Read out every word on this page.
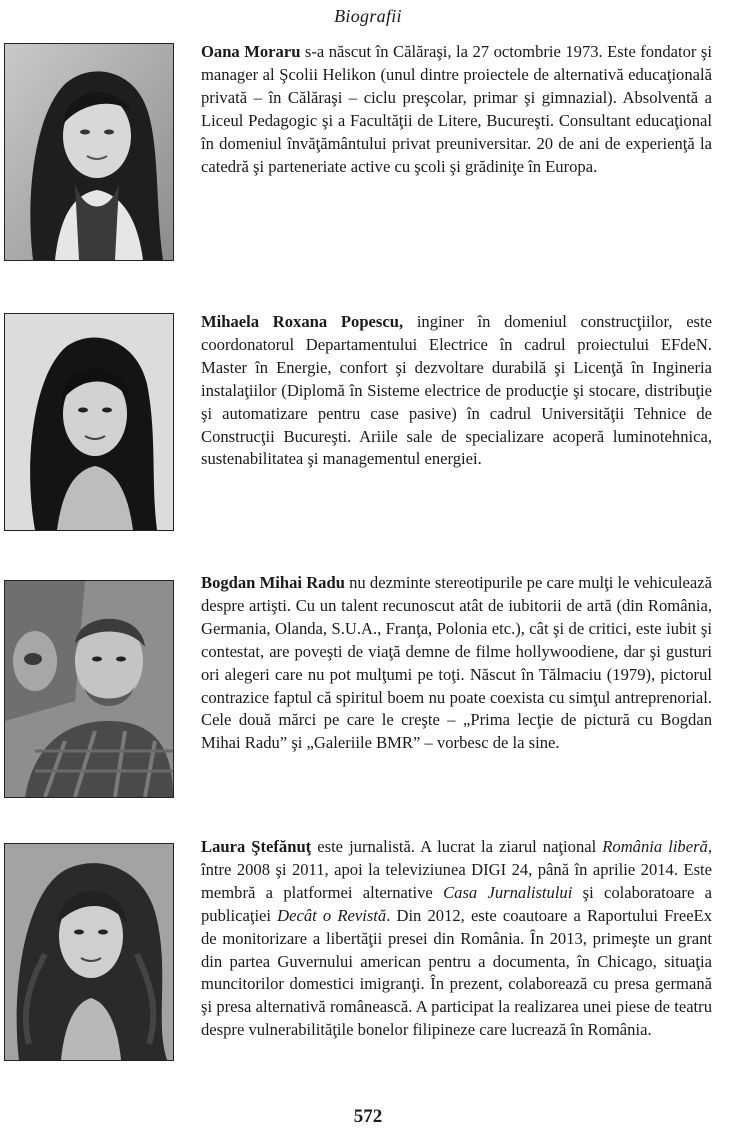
Biografii

Oana Moraru s-a născut în Călăraşi, la 27 octombrie 1973. Este fondator şi manager al Şcolii Helikon (unul dintre proiectele de alternativă educaţională privată – în Călăraşi – ciclu preşcolar, primar şi gimnazial). Absolventă a Liceul Pedagogic şi a Facultăţii de Litere, Bucureşti. Consultant educaţional în domeniul învăţământului privat preuniversitar. 20 de ani de experienţă la catedră şi parteneriate active cu şcoli şi grădiniţe în Europa.

Mihaela Roxana Popescu, inginer în domeniul construcţiilor, este coordonatorul Departamentului Electrice în cadrul proiectului EFdeN. Master în Energie, confort şi dezvoltare durabilă şi Licenţă în Ingineria instalaţiilor (Diplomă în Sisteme electrice de producţie şi stocare, distribuţie şi automatizare pentru case pasive) în cadrul Universităţii Tehnice de Construcţii Bucureşti. Ariile sale de specializare acoperă luminotehnica, sustenabilitatea şi managementul energiei.

Bogdan Mihai Radu nu dezminte stereotipurile pe care mulţi le vehiculează despre artişti. Cu un talent recunoscut atât de iubitorii de artă (din România, Germania, Olanda, S.U.A., Franţa, Polonia etc.), cât şi de critici, este iubit şi contestat, are poveşti de viaţă demne de filme hollywoodiene, dar şi gusturi ori alegeri care nu pot mulţumi pe toţi. Născut în Tălmaciu (1979), pictorul contrazice faptul că spiritul boem nu poate coexista cu simţul antreprenorial. Cele două mărci pe care le creşte – „Prima lecţie de pictură cu Bogdan Mihai Radu” şi „Galeriile BMR” – vorbesc de la sine.

Laura Ştefănuţ este jurnalistă. A lucrat la ziarul naţional România liberă, între 2008 şi 2011, apoi la televiziunea DIGI 24, până în aprilie 2014. Este membră a platformei alternative Casa Jurnalistului şi colaboratoare a publicaţiei Decât o Revistă. Din 2012, este coautoare a Raportului FreeEx de monitorizare a libertăţii presei din România. În 2013, primeşte un grant din partea Guvernului american pentru a documenta, în Chicago, situaţia muncitorilor domestici imigranţi. În prezent, colaborează cu presa germană şi presa alternativă românească. A participat la realizarea unei piese de teatru despre vulnerabilităţile bonelor filipineze care lucrează în România.

572
